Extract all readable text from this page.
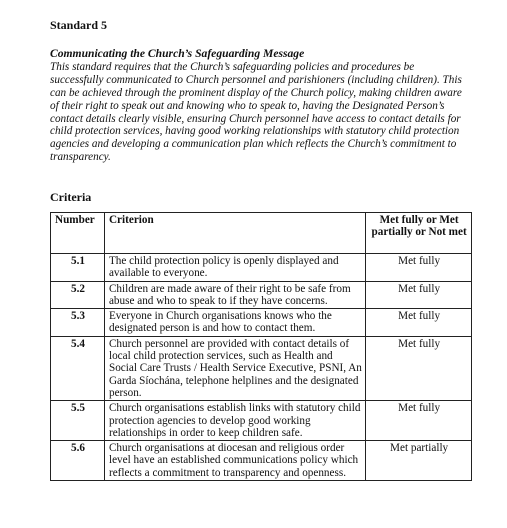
Standard 5
Communicating the Church’s Safeguarding Message
This standard requires that the Church’s safeguarding policies and procedures be successfully communicated to Church personnel and parishioners (including children). This can be achieved through the prominent display of the Church policy, making children aware of their right to speak out and knowing who to speak to, having the Designated Person’s contact details clearly visible, ensuring Church personnel have access to contact details for child protection services, having good working relationships with statutory child protection agencies and developing a communication plan which reflects the Church’s commitment to transparency.
Criteria
Number	Criterion	Met fully or Met partially or Not met
5.1	The child protection policy is openly displayed and available to everyone.	Met fully
5.2	Children are made aware of their right to be safe from abuse and who to speak to if they have concerns.	Met fully
5.3	Everyone in Church organisations knows who the designated person is and how to contact them.	Met fully
5.4	Church personnel are provided with contact details of local child protection services, such as Health and Social Care Trusts / Health Service Executive, PSNI, An Garda Síochána, telephone helplines and the designated person.	Met fully
5.5	Church organisations establish links with statutory child protection agencies to develop good working relationships in order to keep children safe.	Met fully
5.6	Church organisations at diocesan and religious order level have an established communications policy which reflects a commitment to transparency and openness.	Met partially
